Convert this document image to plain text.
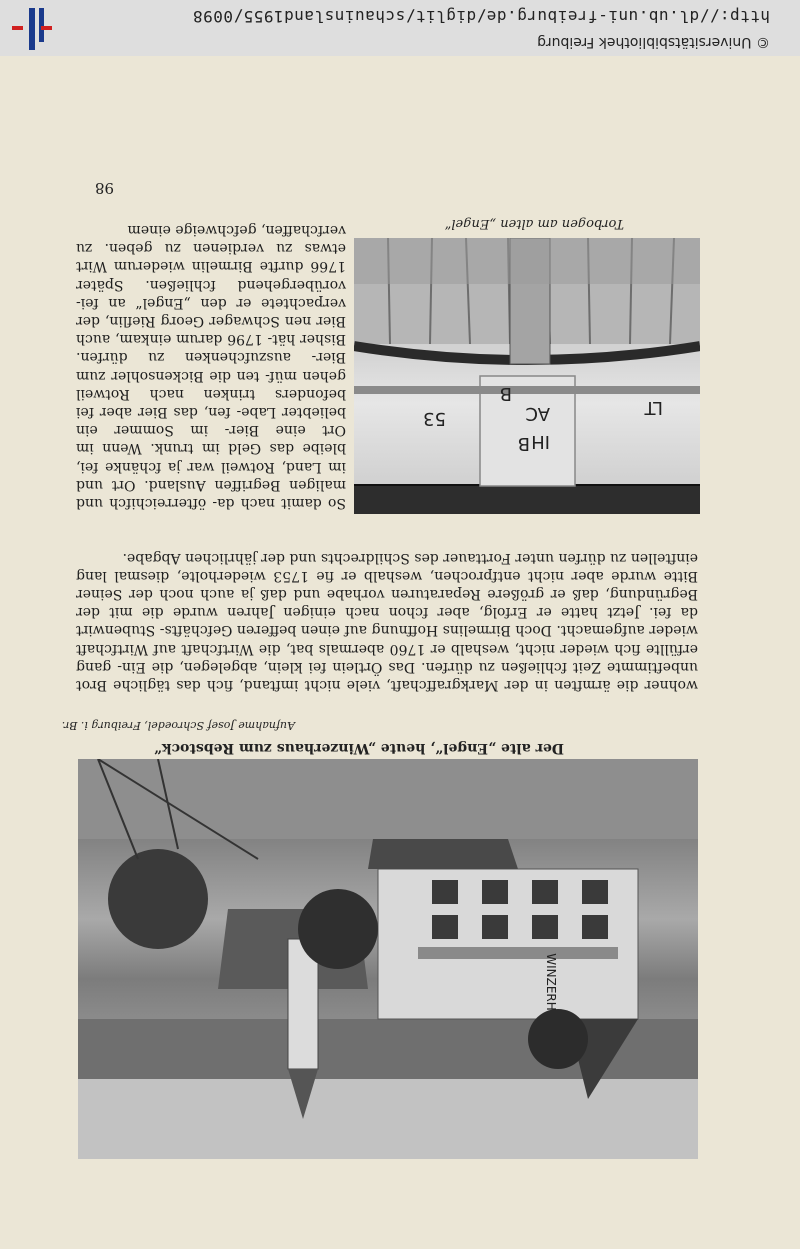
98
LT
IH
AC
B
53
B
Torbogen am alten „Engel“

So damit nach da- öfterreichifch und maligen Begriffen Ausland. Ort und im Land, Rotweil war ja fchänke fei, bleibe das Geld im trunk. Wenn im Ort eine Bier- im Sommer ein beliebter Labe- fen, das Bier aber fei befonders trinken nach Rotweil gehen müf- ten die Bickensohler zum Bier- auszufchenken zu dürfen. Bisher hät- 1796 darum einkam, auch Bier nen Schwager Georg Rieflin, der verpachtete er den „Engel“ an fei- vorübergehend fchließen. Später 1766 durfte Birmelin wiederum Wirt etwas zu verdienen zu geben. zu verfchaffen, gefchweige einem

wohner die ärmften in der Markgraffchaft, viele nicht imftand, fich das tägliche Brot unbeftimmte Zeit fchließen zu dürfen. Das Örtlein fei klein, abgelegen, die Ein- gang erfüllte fich wieder nicht, weshalb er 1760 abermals bat, die Wirtfchaft auf Wirtfchaft wieder aufgemacht. Doch Birmelins Hoffnung auf einen befferen Gefchäfts- Stubenwirt da fei. Jetzt hatte er Erfolg, aber fchon nach einigen Jahren wurde die mit der Begründung, daß er größere Reparaturen vorhabe und daß ja auch noch der Seiner Bitte wurde aber nicht entfprochen, weshalb er fie 1753 wiederholte, diesmal lang einftellen zu dürfen unter Forttauer des Schildrechts und der jährlichen Abgabe.

Aufnahme Josef Schroedel, Freiburg i. Br.
Der alte „Engel“, heute „Winzerhaus zum Rebstock“
WINZERH
© Universitätsbibliothek Freiburg
http://dl.ub.uni-freiburg.de/diglit/schauinsland1955/0098
